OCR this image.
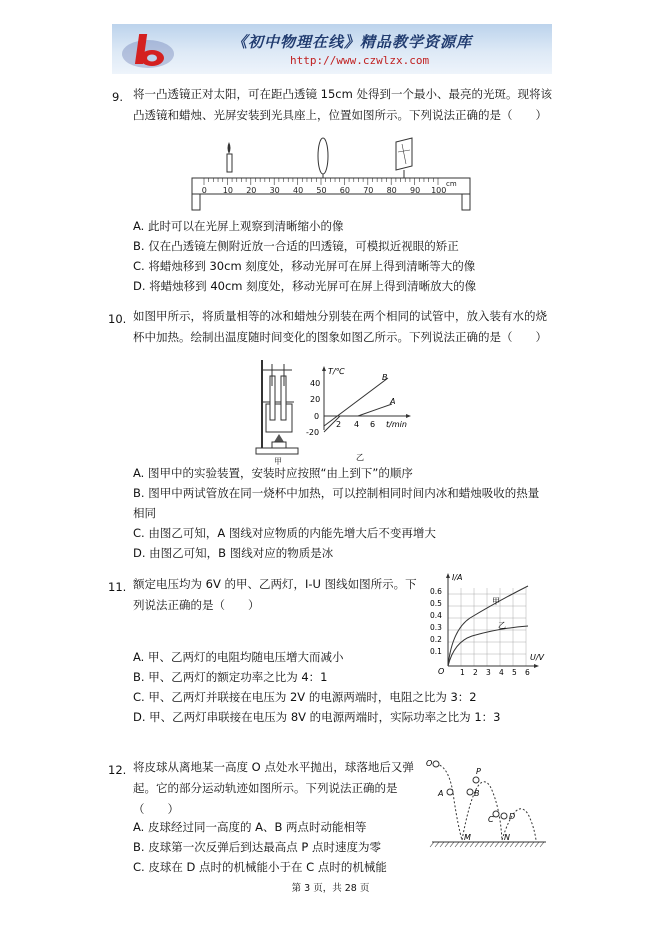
《初中物理在线》精品教学资源库
http://www.czwlzx.com
9. 将一凸透镜正对太阳，可在距凸透镜 15cm 处得到一个最小、最亮的光斑。现将该
凸透镜和蜡烛、光屏安装到光具座上，位置如图所示。下列说法正确的是（　　）
0 10 20 30 40 50 60 70 80 90 100
cm
A. 此时可以在光屏上观察到清晰缩小的像
B. 仅在凸透镜左侧附近放一合适的凹透镜，可模拟近视眼的矫正
C. 将蜡烛移到 30cm 刻度处，移动光屏可在屏上得到清晰等大的像
D. 将蜡烛移到 40cm 刻度处，移动光屏可在屏上得到清晰放大的像
10. 如图甲所示，将质量相等的冰和蜡烛分别装在两个相同的试管中，放入装有水的烧
杯中加热。绘制出温度随时间变化的图象如图乙所示。下列说法正确的是（　　）
甲
T/℃
t/min
40
20
0
-20
2 4 6
B
A
乙
A. 图甲中的实验装置，安装时应按照“由上到下”的顺序
B. 图甲中两试管放在同一烧杯中加热，可以控制相同时间内冰和蜡烛吸收的热量
相同
C. 由图乙可知，A 图线对应物质的内能先增大后不变再增大
D. 由图乙可知，B 图线对应的物质是冰
11. 额定电压均为 6V 的甲、乙两灯，I-U 图线如图所示。下
列说法正确的是（　　）
I/A
U/V
O
0.6
0.5
0.4
0.3
0.2
0.1
1 2 3 4 5 6
甲
乙
A. 甲、乙两灯的电阻均随电压增大而减小
B. 甲、乙两灯的额定功率之比为 4：1
C. 甲、乙两灯并联接在电压为 2V 的电源两端时，电阻之比为 3：2
D. 甲、乙两灯串联接在电压为 8V 的电源两端时，实际功率之比为 1：3
12. 将皮球从离地某一高度 O 点处水平抛出，球落地后又弹
起。它的部分运动轨迹如图所示。下列说法正确的是
（　　）
O
A	B
P
C D
M	N
A. 皮球经过同一高度的 A、B 两点时动能相等
B. 皮球第一次反弹后到达最高点 P 点时速度为零
C. 皮球在 D 点时的机械能小于在 C 点时的机械能
第 3 页，共 28 页
